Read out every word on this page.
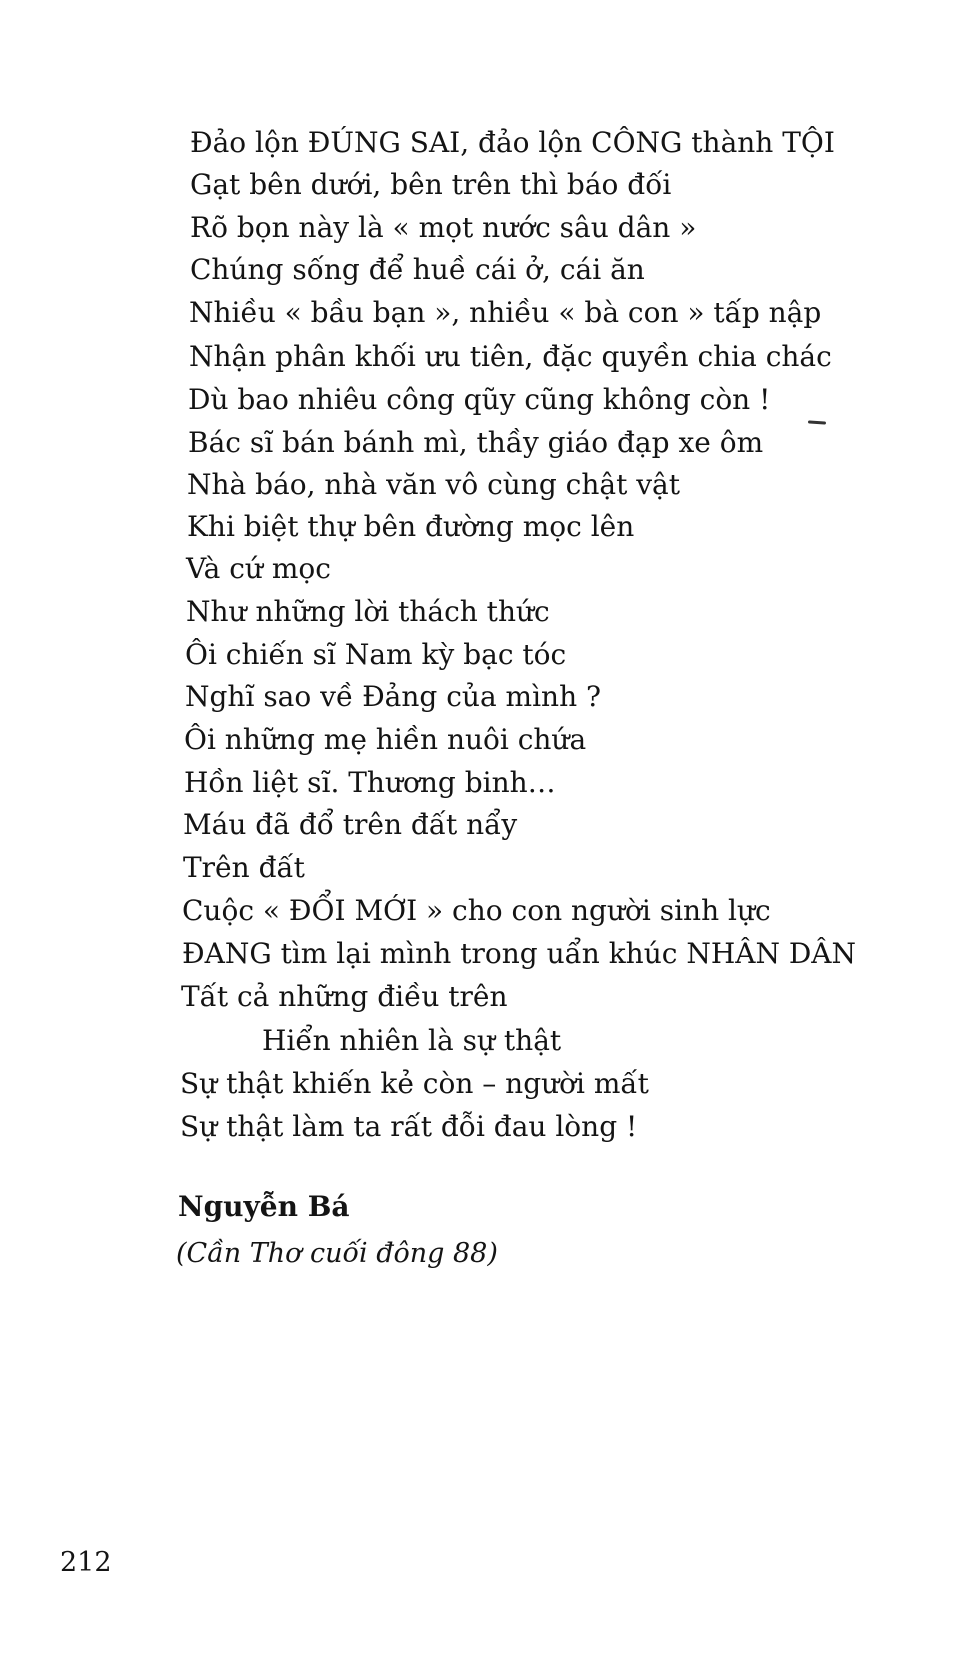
Đảo lộn ĐÚNG SAI, đảo lộn CÔNG thành TỘI
Gạt bên dưới, bên trên thì báo đối
Rõ bọn này là « mọt nước sâu dân »
Chúng sống để huề cái ở, cái ăn
Nhiều « bầu bạn », nhiều « bà con » tấp nập
Nhận phân khối ưu tiên, đặc quyền chia chác
Dù bao nhiêu công qũy cũng không còn !
Bác sĩ bán bánh mì, thầy giáo đạp xe ôm
Nhà báo, nhà văn vô cùng chật vật
Khi biệt thự bên đường mọc lên
Và cứ mọc
Như những lời thách thức
Ôi chiến sĩ Nam kỳ bạc tóc
Nghĩ sao về Đảng của mình ?
Ôi những mẹ hiền nuôi chứa
Hồn liệt sĩ. Thương binh…
Máu đã đổ trên đất nẩy
Trên đất
Cuộc « ĐỔI MỚI » cho con người sinh lực
ĐANG tìm lại mình trong uẩn khúc NHÂN DÂN
Tất cả những điều trên
Hiển nhiên là sự thật
Sự thật khiến kẻ còn – người mất
Sự thật làm ta rất đỗi đau lòng !
Nguyễn Bá
(Cần Thơ cuối đông 88)
212
